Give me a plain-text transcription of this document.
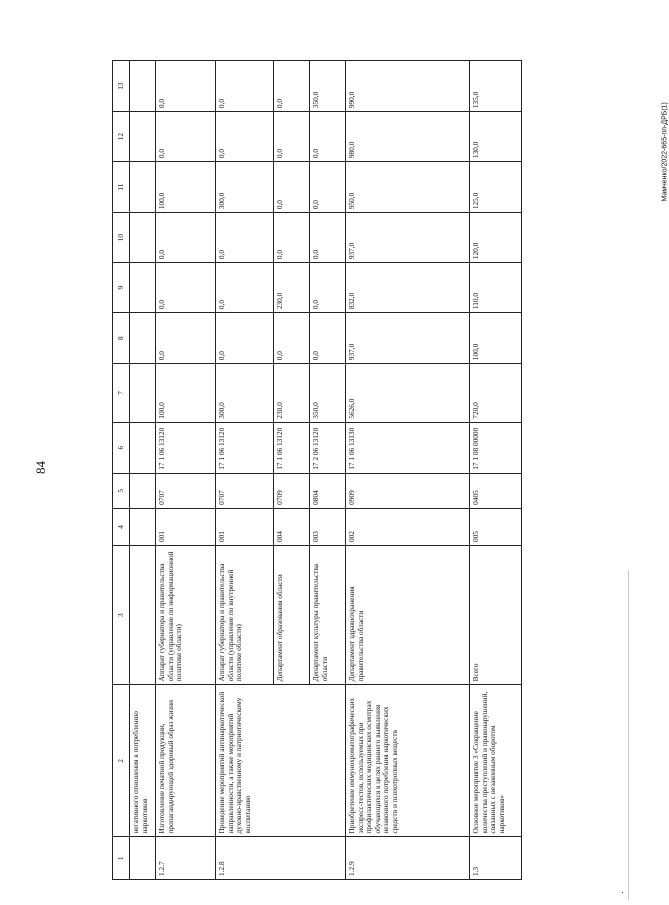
84
Мамченко/2022-665-пп-ДРБ(1)
1	2	3	4	5	6	7	8	9	10	11	12	13
	негативного отношения к потреблению наркотиков											
1.2.7	Изготовление печатной продукции, пропагандирующей здоровый образ жизни	Аппарат губернатора и правительства области (управление по информационной политике области)	001	0707	17 1 06 13120	100,0	0,0	0,0	0,0	100,0	0,0	0,0
1.2.8	Проведение мероприятий антинаркотической направленности, а также мероприятий духовно-нравственному и патриотическому воспитанию	Аппарат губернатора и правительства области (управление по внутренней политике области)	001	0707	17 1 06 13120	300,0	0,0	0,0	0,0	300,0	0,0	0,0
		Департамент образования области	004	0709	17 1 06 13120	230,0	0,0	230,0	0,0	0,0	0,0	0,0
		Департамент культуры правительства области	003	0804	17 2 06 13120	350,0	0,0	0,0	0,0	0,0	0,0	350,0
1.2.9	Приобретение иммунохроматографических экспресс-тестов, используемых при профилактических медицинских осмотрах обучающихся в целях раннего выявления незаконного потребления наркотических средств и психотропных веществ	Департамент здравоохранения правительства области	002	0909	17 1 06 13130	5626,0	937,0	832,0	937,0	950,0	980,0	990,0
1.3	Основное мероприятие 3 «Сокращение количества преступлений и правонарушений, связанных с незаконным оборотом наркотиков»	Всего	005	0405	17 1 08 00000	720,0	100,0	110,0	120,0	125,0	130,0	135,0
